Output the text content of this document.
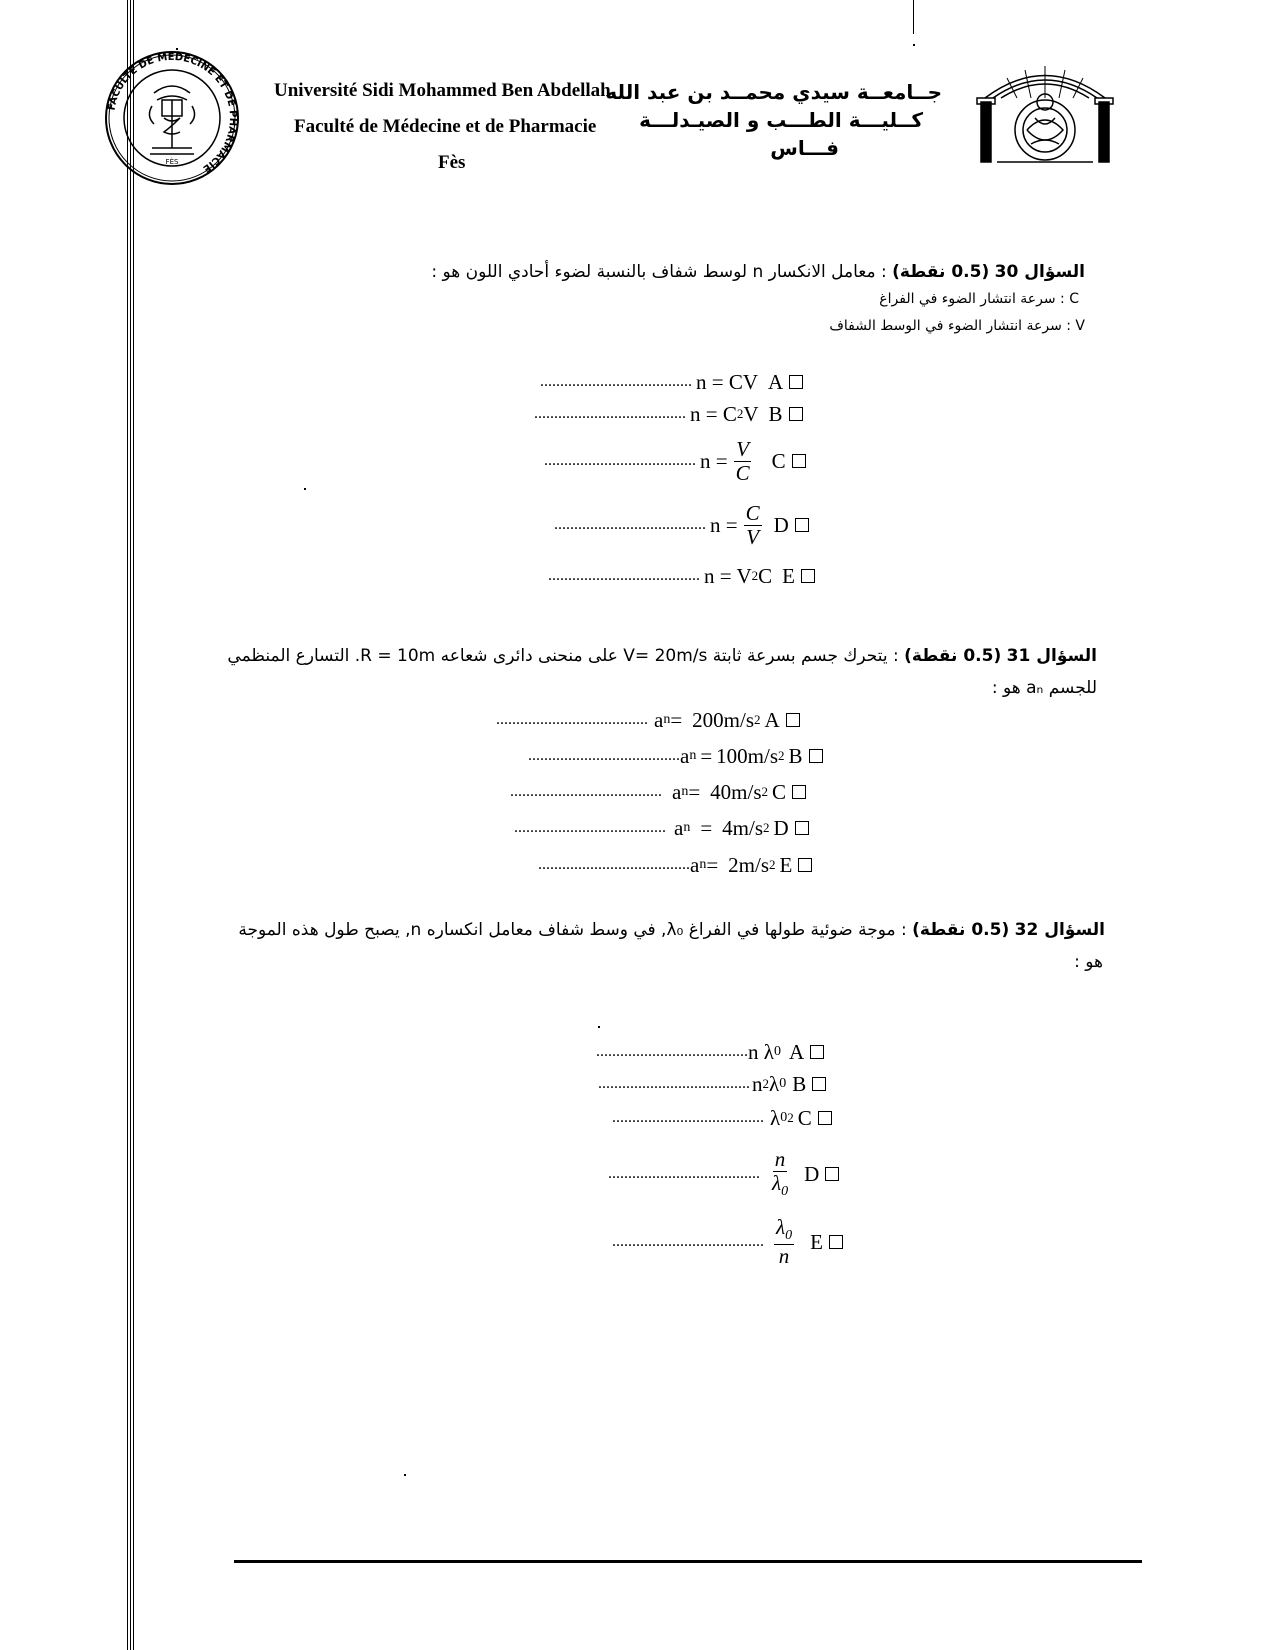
FACULTE DE MEDECINE ET DE PHARMACIE
FÈS
Université Sidi Mohammed Ben Abdellah
Faculté de Médecine et de Pharmacie
Fès
جــامعــة سيدي محمــد بن عبد الله
كــليـــة الطـــب و الصيـدلـــة
فـــاس
السؤال 30 (0.5 نقطة) : معامل الانكسار n لوسط شفاف بالنسبة لضوء أحادي اللون هو :
C : سرعة انتشار الضوء في الفراغ
V : سرعة انتشار الضوء في الوسط الشفاف
...................................... n = CV A
...................................... n = C 2 V B
...................................... $n = \frac{V}{C}$ C
...................................... $n = \frac{C}{V}$ D
...................................... n = V 2 C E
السؤال 31 (0.5 نقطة) : يتحرك جسم بسرعة ثابتة V= 20m/s على منحنى دائرى شعاعه R = 10m. التسارع المنظمي
للجسم aₙ هو :
...................................... a n = 200m/s 2 A
...................................... a n = 100m/s 2 B
...................................... a n = 40m/s 2 C
...................................... a n = 4m/s 2 D
...................................... a n = 2m/s 2 E
السؤال 32 (0.5 نقطة) : موجة ضوئية طولها في الفراغ λ₀, في وسط شفاف معامل انكساره n, يصبح طول هذه الموجة
هو :
...................................... n λ 0 A
...................................... n 2 λ 0 B
...................................... λ 0 2 C
...................................... $\frac{n}{\lambda_0}$ D
...................................... $\frac{\lambda_0}{n}$ E
